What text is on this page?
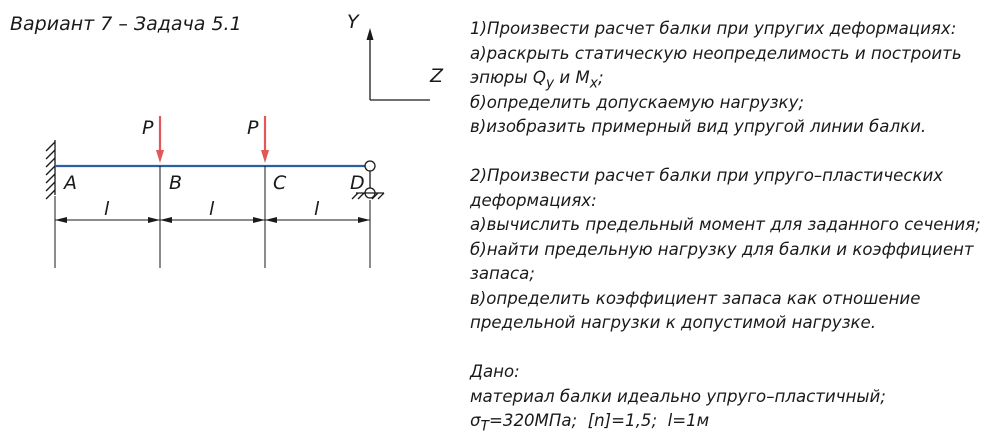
Вариант 7 – Задача 5.1	Y
Z
P	P
A	B	C	D
l	l	l
1)Произвести расчет балки при упругих деформациях:
а)раскрыть статическую неопределимость и построить
эпюры $Q_y$ и $M_x$;
б)определить допускаемую нагрузку;
в)изобразить примерный вид упругой линии балки.
2)Произвести расчет балки при упруго–пластических
деформациях:
а)вычислить предельный момент для заданного сечения;
б)найти предельную нагрузку для балки и коэффициент
запаса;
в)определить коэффициент запаса как отношение
предельной нагрузки к допустимой нагрузке.
Дано:
материал балки идеально упруго–пластичный;
$\sigma_T=320МПа$; [n]=1,5; l=1м
